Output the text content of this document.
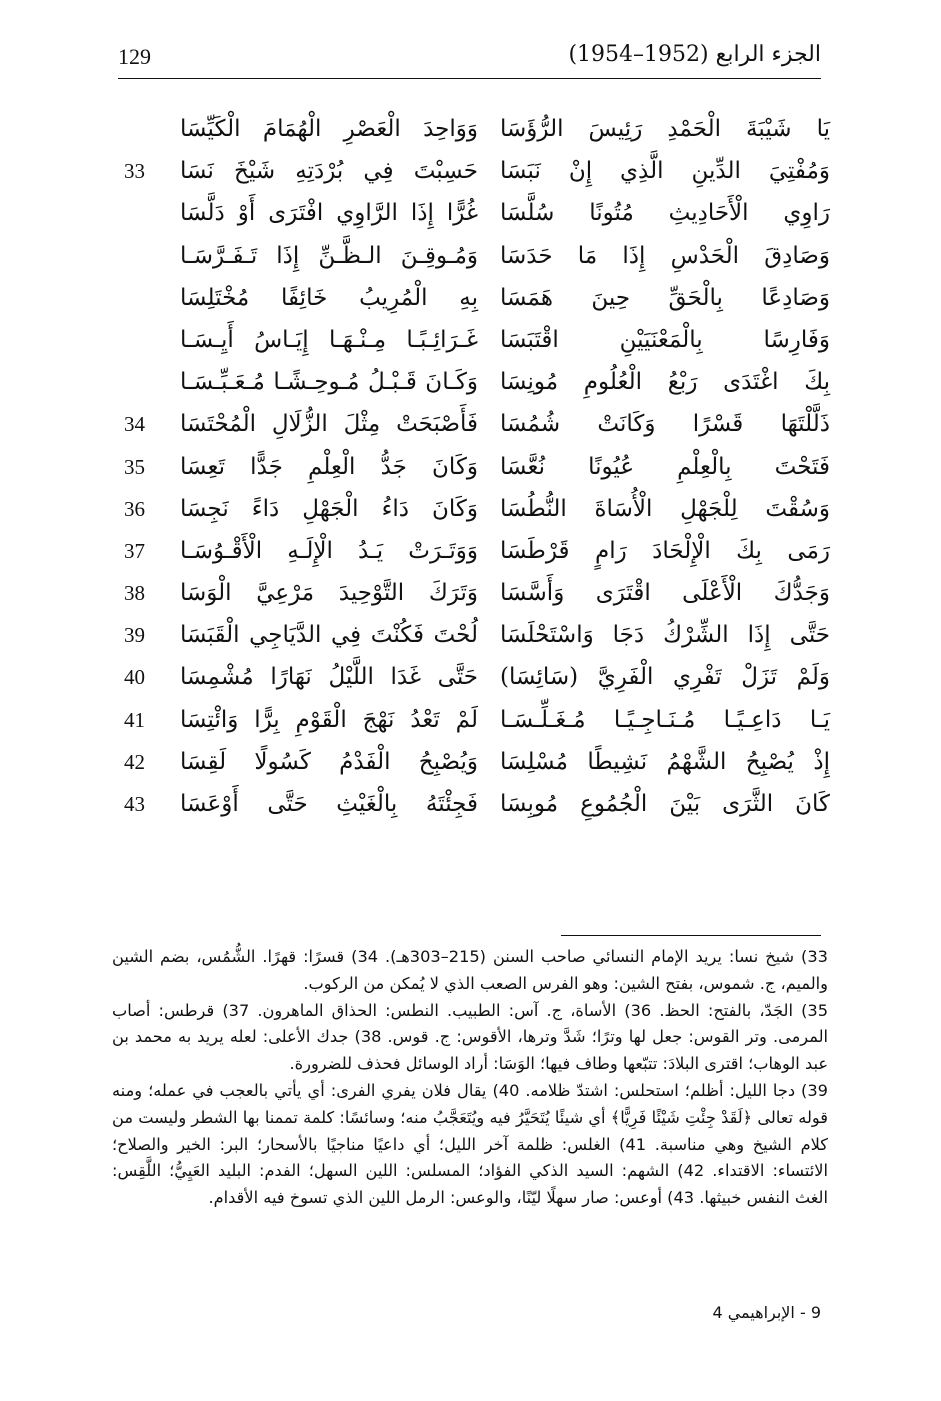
129	الجزء الرابع (1952–1954)
يَا شَيْبَةَ الْحَمْدِ رَئِيسَ الرُّؤَسَا
وَوَاحِدَ الْعَصْرِ الْهُمَامَ الْكَيِّسَا
وَمُفْتِيَ الدِّينِ الَّذِي إِنْ نَبَسَا
حَسِبْتَ فِي بُرْدَتِهِ شَيْخَ نَسَا
33
رَاوِي الْأَحَادِيثِ مُتُونًا سُلَّسَا
غُرًّا إِذَا الرَّاوِي افْتَرَى أَوْ دَلَّسَا
وَصَادِقَ الْحَدْسِ إِذَا مَا حَدَسَا
وَمُـوقِـنَ الـظَّـنِّ إِذَا تَـفَـرَّسَـا
وَصَادِعًا بِالْحَقِّ حِينَ هَمَسَا
بِهِ الْمُرِيبُ خَائِفًا مُخْتَلِسَا
وَفَارِسًا بِالْمَعْنَيَيْنِ اقْتَبَسَا
غَـرَائِـبًـا مِـنْـهَـا إِيَـاسُ أَيِـسَـا
بِكَ اغْتَدَى رَبْعُ الْعُلُومِ مُونِسَا
وَكَـانَ قَـبْـلُ مُـوحِـشًـا مُـعَـبِّـسَـا
ذَلَّلْتَهَا قَسْرًا وَكَانَتْ شُمُسَا
فَأَصْبَحَتْ مِثْلَ الزُّلَالِ الْمُحْتَسَا
34
فَتَحْتَ بِالْعِلْمِ عُيُونًا نُعَّسَا
وَكَانَ جَدُّ الْعِلْمِ جَدًّا تَعِسَا
35
وَسُقْتَ لِلْجَهْلِ الْأُسَاةَ النُّطُسَا
وَكَانَ دَاءُ الْجَهْلِ دَاءً نَجِسَا
36
رَمَى بِكَ الْإِلْحَادَ رَامٍ قَرْطَسَا
وَوَتَـرَتْ يَـدُ الْإِلَـهِ الْأَقْـوُسَـا
37
وَجَدُّكَ الْأَعْلَى اقْتَرَى وَأَسَّسَا
وَتَرَكَ التَّوْحِيدَ مَرْعِيَّ الْوَسَا
38
حَتَّى إِذَا الشِّرْكُ دَجَا وَاسْتَحْلَسَا
لُحْتَ فَكُنْتَ فِي الدَّيَاجِي الْقَبَسَا
39
وَلَمْ تَزَلْ تَفْرِي الْفَرِيَّ (سَائِسَا)
حَتَّى غَدَا اللَّيْلُ نَهَارًا مُشْمِسَا
40
يَـا دَاعِـيًـا مُـنَـاجِـيًـا مُـغَـلِّـسَـا
لَمْ تَعْدُ نَهْجَ الْقَوْمِ بِرًّا وَائْتِسَا
41
إِذْ يُصْبِحُ الشَّهْمُ نَشِيطًا مُسْلِسَا
وَيُصْبِحُ الْفَدْمُ كَسُولًا لَقِسَا
42
كَانَ الثَّرَى بَيْنَ الْجُمُوعِ مُوبِسَا
فَجِئْتَهُ بِالْغَيْثِ حَتَّى أَوْعَسَا
43

33) شيخ نسا: يريد الإمام النسائي صاحب السنن (215–303هـ). 34) قسرًا: قهرًا. الشُّمُس، بضم الشين والميم، ج. شموس، بفتح الشين: وهو الفرس الصعب الذي لا يُمكن من الركوب.

35) الجَدّ، بالفتح: الحظ. 36) الأساة، ج. آس: الطبيب. النطس: الحذاق الماهرون. 37) قرطس: أصاب المرمى. وتر القوس: جعل لها وترًا؛ شَدَّ وترها، الأقوس: ج. قوس. 38) جدك الأعلى: لعله يريد به محمد بن عبد الوهاب؛ اقترى البلادَ: تتبّعها وطاف فيها؛ الوَسَا: أراد الوسائل فحذف للضرورة.

39) دجا الليل: أظلم؛ استحلس: اشتدّ ظلامه. 40) يقال فلان يفري الفرى: أي يأتي بالعجب في عمله؛ ومنه قوله تعالى ﴿لَقَدْ جِئْتِ شَيْئًا فَرِيًّا﴾ أي شيئًا يُتَحَيَّرُ فيه ويُتَعَجَّبُ منه؛ وسائسًا: كلمة تممنا بها الشطر وليست من كلام الشيخ وهي مناسبة. 41) الغلس: ظلمة آخر الليل؛ أي داعيًا مناجيًا بالأسحار؛ البر: الخير والصلاح؛ الائتساء: الاقتداء. 42) الشهم: السيد الذكي الفؤاد؛ المسلس: اللين السهل؛ الفدم: البليد العَيِيُّ؛ اللَّقِس: الغث النفس خبيثها. 43) أوعس: صار سهلًا ليّنًا، والوعس: الرمل اللين الذي تسوخ فيه الأقدام.

9 - الإبراهيمي 4
